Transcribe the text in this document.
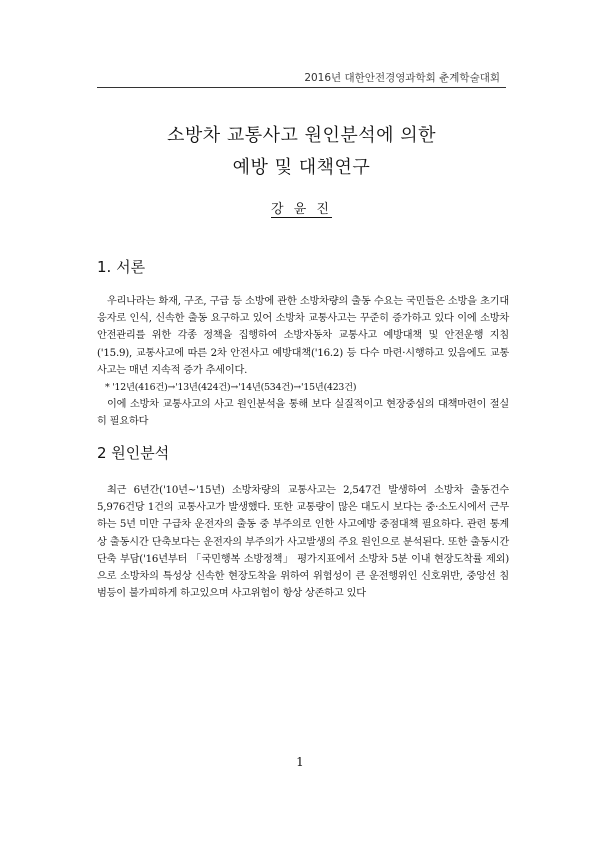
2016년 대한안전경영과학회 춘계학술대회
소방차 교통사고 원인분석에 의한
예방 및 대책연구
강 윤 진
1. 서론

우리나라는 화재, 구조, 구급 등 소방에 관한 소방차량의 출동 수요는 국민들은 소방을 초기대응자로 인식, 신속한 출동 요구하고 있어 소방차 교통사고는 꾸준히 증가하고 있다 이에 소방차 안전관리를 위한 각종 정책을 집행하여 소방자동차 교통사고 예방대책 및 안전운행 지침('15.9), 교통사고에 따른 2차 안전사고 예방대책('16.2) 등 다수 마련·시행하고 있음에도 교통사고는 매년 지속적 증가 추세이다.

* '12년(416건)→'13년(424건)→'14년(534건)→'15년(423건)

이에 소방차 교통사고의 사고 원인분석을 통해 보다 실질적이고 현장중심의 대책마련이 절실히 필요하다

2 원인분석

최근 6년간('10년~'15년) 소방차량의 교통사고는 2,547건 발생하여 소방차 출동건수 5,976건당 1건의 교통사고가 발생했다. 또한 교통량이 많은 대도시 보다는 중·소도시에서 근무하는 5년 미만 구급차 운전자의 출동 중 부주의로 인한 사고예방 중점대책 필요하다. 관련 통계상 출동시간 단축보다는 운전자의 부주의가 사고발생의 주요 원인으로 분석된다. 또한 출동시간 단축 부담('16년부터 「국민행복 소방정책」 평가지표에서 소방차 5분 이내 현장도착률 제외)으로 소방차의 특성상 신속한 현장도착을 위하여 위험성이 큰 운전행위인 신호위반, 중앙선 침범등이 불가피하게 하고있으며 사고위험이 항상 상존하고 있다

1
